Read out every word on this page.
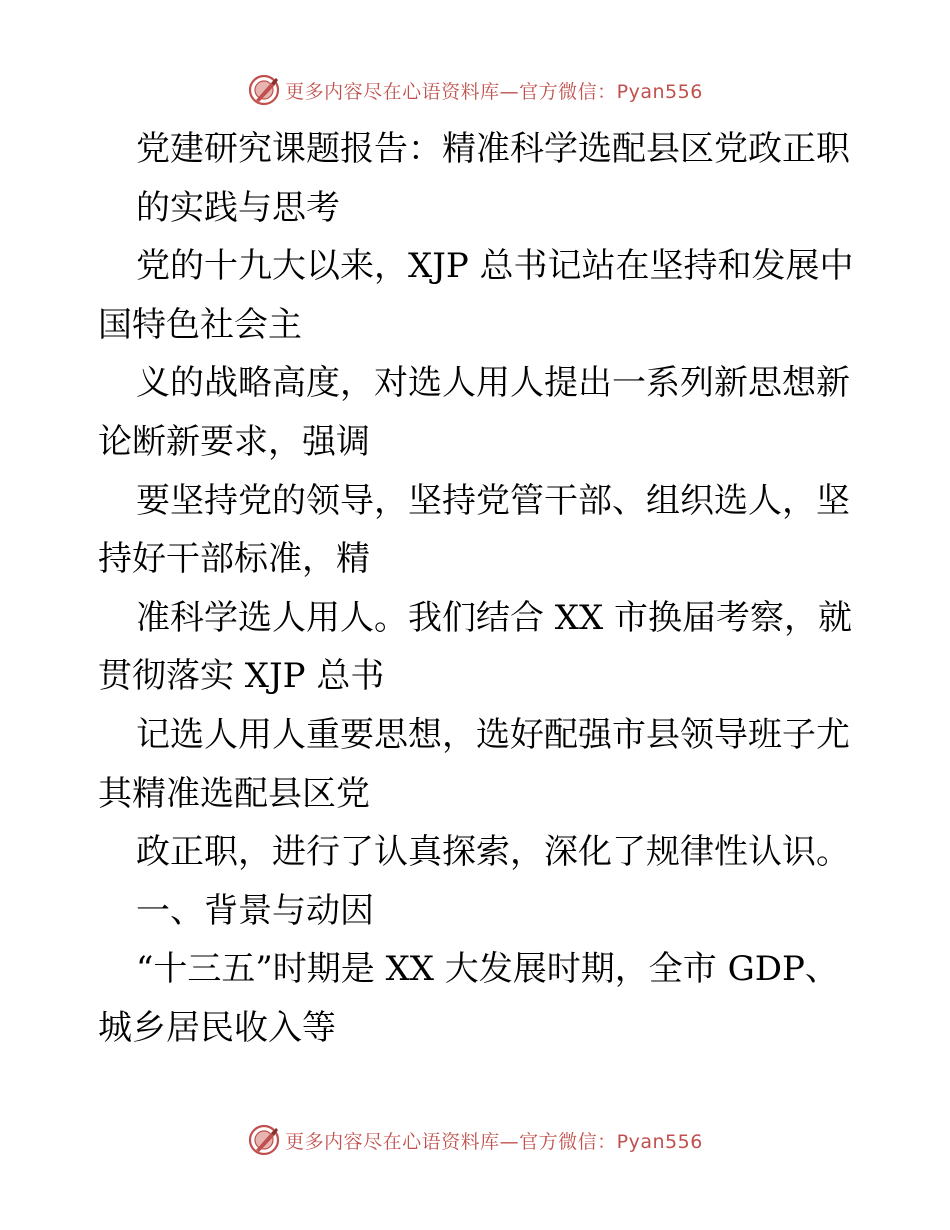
更多内容尽在心语资料库—官方微信：Pyan556
党建研究课题报告：精准科学选配县区党政正职
的实践与思考
党的十九大以来，XJP 总书记站在坚持和发展中
国特色社会主
义的战略高度，对选人用人提出一系列新思想新
论断新要求，强调
要坚持党的领导，坚持党管干部、组织选人，坚
持好干部标准，精
准科学选人用人。我们结合 XX 市换届考察，就
贯彻落实 XJP 总书
记选人用人重要思想，选好配强市县领导班子尤
其精准选配县区党
政正职，进行了认真探索，深化了规律性认识。
一、背景与动因
“十三五”时期是 XX 大发展时期，全市 GDP、
城乡居民收入等
更多内容尽在心语资料库—官方微信：Pyan556
